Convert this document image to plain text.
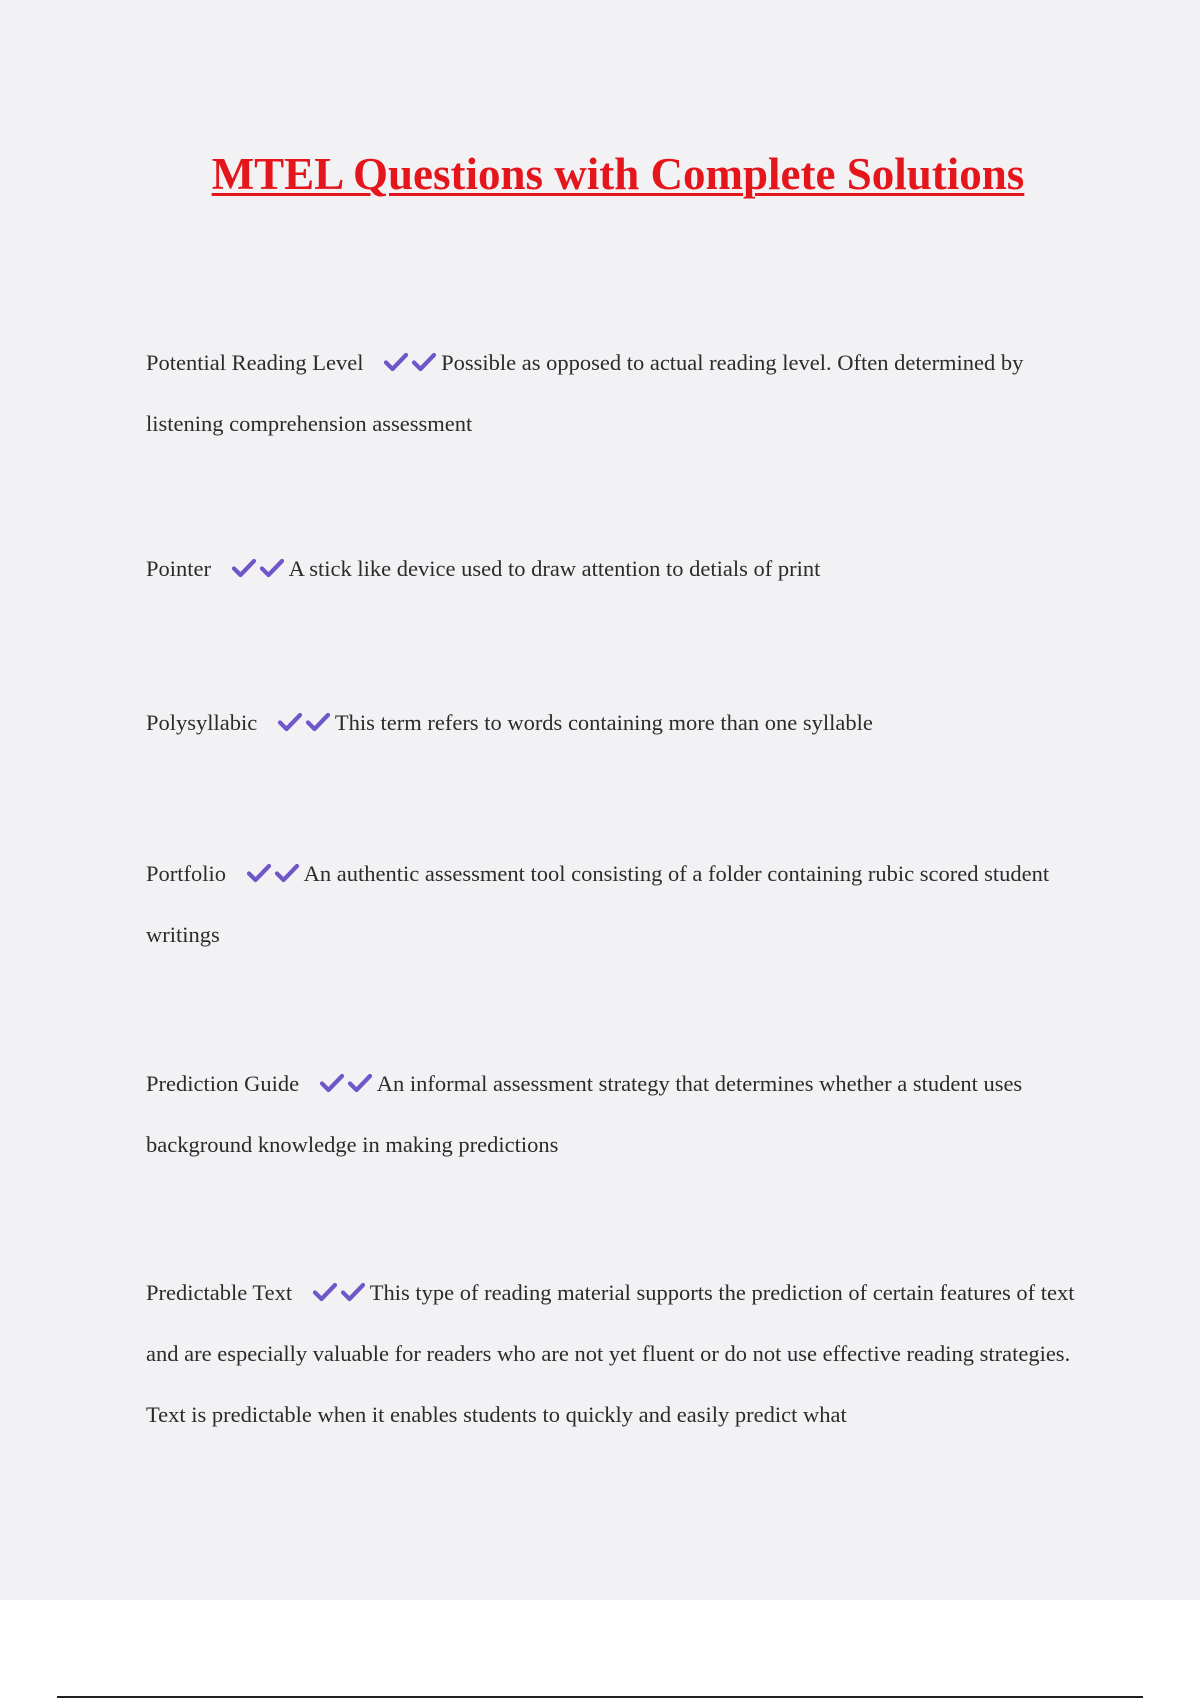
MTEL Questions with Complete Solutions

Potential Reading Level	Possible as opposed to actual reading level. Often determined by listening comprehension assessment

Pointer	A stick like device used to draw attention to detials of print

Polysyllabic	This term refers to words containing more than one syllable

Portfolio	An authentic assessment tool consisting of a folder containing rubic scored student writings

Prediction Guide	An informal assessment strategy that determines whether a student uses background knowledge in making predictions

Predictable Text	This type of reading material supports the prediction of certain features of text and are especially valuable for readers who are not yet fluent or do not use effective reading strategies. Text is predictable when it enables students to quickly and easily predict what
